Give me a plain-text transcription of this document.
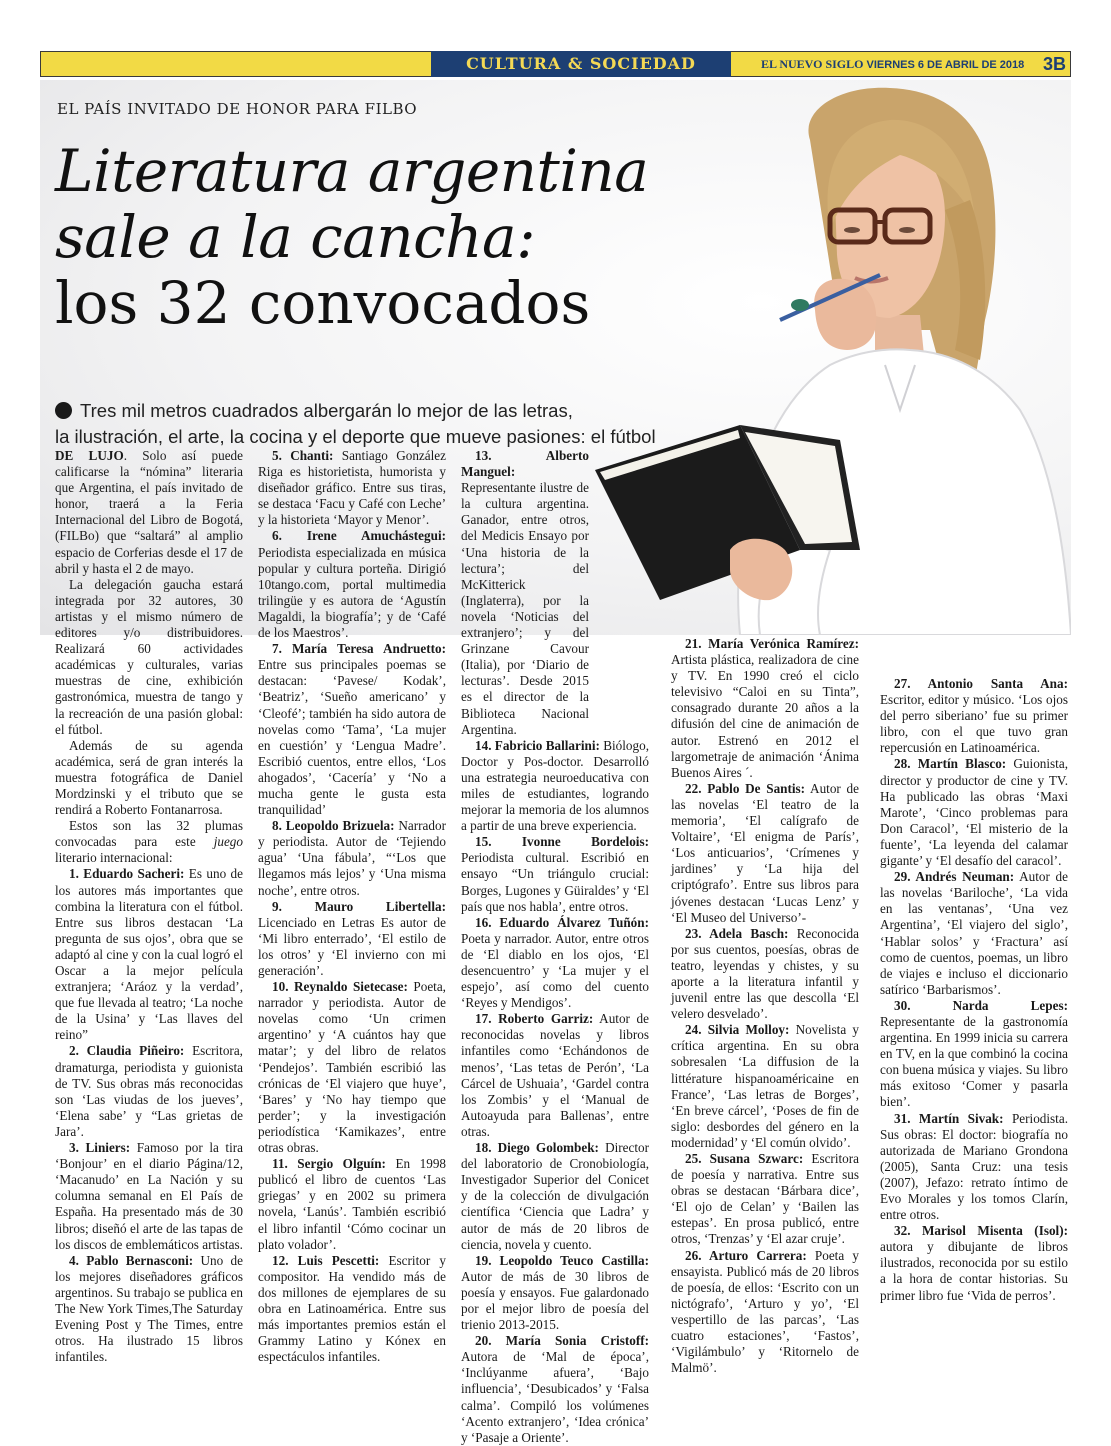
CULTURA & SOCIEDAD	EL NUEVO SIGLO VIERNES 6 DE ABRIL DE 2018 3B
EL PAÍS INVITADO DE HONOR PARA FILBO
Literatura argentina
sale a la cancha:
los 32 convocados
Tres mil metros cuadrados albergarán lo mejor de las letras,
la ilustración, el arte, la cocina y el deporte que mueve pasiones: el fútbol

DE LUJO. Solo así puede calificarse la “nómina” literaria que Argentina, el país invitado de honor, traerá a la Feria Internacional del Libro de Bogotá, (FILBo) que “saltará” al amplio espacio de Corferias desde el 17 de abril y hasta el 2 de mayo.

La delegación gaucha estará integrada por 32 autores, 30 artistas y el mismo número de editores y/o distribuidores. Realizará 60 actividades académicas y culturales, varias muestras de cine, exhibición gastronómica, muestra de tango y la recreación de una pasión global: el fútbol.

Además de su agenda académica, será de gran interés la muestra fotográfica de Daniel Mordzinski y el tributo que se rendirá a Roberto Fontanarrosa.

Estos son las 32 plumas convocadas para este juego literario internacional:

1. Eduardo Sacheri: Es uno de los autores más importantes que combina la literatura con el fútbol. Entre sus libros destacan ‘La pregunta de sus ojos’, obra que se adaptó al cine y con la cual logró el Oscar a la mejor película extranjera; ‘Aráoz y la verdad’, que fue llevada al teatro; ‘La noche de la Usina’ y ‘Las llaves del reino”

2. Claudia Piñeiro: Escritora, dramaturga, periodista y guionista de TV. Sus obras más reconocidas son ‘Las viudas de los jueves’, ‘Elena sabe’ y “Las grietas de Jara’.

3. Liniers: Famoso por la tira ‘Bonjour’ en el diario Página/12, ‘Macanudo’ en La Nación y su columna semanal en El País de España. Ha presentado más de 30 libros; diseñó el arte de las tapas de los discos de emblemáticos artistas.

4. Pablo Bernasconi: Uno de los mejores diseñadores gráficos argentinos. Su trabajo se publica en The New York Times,The Saturday Evening Post y The Times, entre otros. Ha ilustrado 15 libros infantiles.

5. Chanti: Santiago González Riga es historietista, humorista y diseñador gráfico. Entre sus tiras, se destaca ‘Facu y Café con Leche’ y la historieta ‘Mayor y Menor’.

6. Irene Amuchástegui: Periodista especializada en música popular y cultura porteña. Dirigió 10tango.com, portal multimedia trilingüe y es autora de ‘Agustín Magaldi, la biografía’; y de ‘Café de los Maestros’.

7. María Teresa Andruetto: Entre sus principales poemas se destacan: ‘Pavese/ Kodak’, ‘Beatriz’, ‘Sueño americano’ y ‘Cleofé’; también ha sido autora de novelas como ‘Tama’, ‘La mujer en cuestión’ y ‘Lengua Madre’. Escribió cuentos, entre ellos, ‘Los ahogados’, ‘Cacería’ y ‘No a mucha gente le gusta esta tranquilidad’

8. Leopoldo Brizuela: Narrador y periodista. Autor de ‘Tejiendo agua’ ‘Una fábula’, “‘Los que llegamos más lejos’ y ‘Una misma noche’, entre otros.

9. Mauro Libertella: Licenciado en Letras Es autor de ‘Mi libro enterrado’, ‘El estilo de los otros’ y ‘El invierno con mi generación’.

10. Reynaldo Sietecase: Poeta, narrador y periodista. Autor de novelas como ‘Un crimen argentino’ y ‘A cuántos hay que matar’; y del libro de relatos ‘Pendejos’. También escribió las crónicas de ‘El viajero que huye’, ‘Bares’ y ‘No hay tiempo que perder’; y la investigación periodística ‘Kamikazes’, entre otras obras.

11. Sergio Olguín: En 1998 publicó el libro de cuentos ‘Las griegas’ y en 2002 su primera novela, ‘Lanús’. También escribió el libro infantil ‘Cómo cocinar un plato volador’.

12. Luis Pescetti: Escritor y compositor. Ha vendido más de dos millones de ejemplares de su obra en Latinoamérica. Entre sus más importantes premios están el Grammy Latino y Kónex en espectáculos infantiles.

13. Alberto Manguel: Representante ilustre de la cultura argentina. Ganador, entre otros, del Medicis Ensayo por ‘Una historia de la lectura’; del McKitterick (Inglaterra), por la novela ‘Noticias del extranjero’; y del Grinzane Cavour (Italia), por ‘Diario de lecturas’. Desde 2015 es el director de la Biblioteca Nacional Argentina.

14. Fabricio Ballarini: Biólogo, Doctor y Pos-doctor. Desarrolló una estrategia neuroeducativa con miles de estudiantes, logrando mejorar la memoria de los alumnos a partir de una breve experiencia.

15. Ivonne Bordelois: Periodista cultural. Escribió en ensayo “Un triángulo crucial: Borges, Lugones y Güiraldes’ y ‘El país que nos habla’, entre otros.

16. Eduardo Álvarez Tuñón: Poeta y narrador. Autor, entre otros de ‘El diablo en los ojos, ‘El desencuentro’ y ‘La mujer y el espejo’, así como del cuento ‘Reyes y Mendigos’.

17. Roberto Garriz: Autor de reconocidas novelas y libros infantiles como ‘Echándonos de menos’, ‘Las tetas de Perón’, ‘La Cárcel de Ushuaia’, ‘Gardel contra los Zombis’ y el ‘Manual de Autoayuda para Ballenas’, entre otras.

18. Diego Golombek: Director del laboratorio de Cronobiología, Investigador Superior del Conicet y de la colección de divulgación científica ‘Ciencia que Ladra’ y autor de más de 20 libros de ciencia, novela y cuento.

19. Leopoldo Teuco Castilla: Autor de más de 30 libros de poesía y ensayos. Fue galardonado por el mejor libro de poesía del trienio 2013-2015.

20. María Sonia Cristoff: Autora de ‘Mal de época’, ‘Inclúyanme afuera’, ‘Bajo influencia’, ‘Desubicados’ y ‘Falsa calma’. Compiló los volúmenes ‘Acento extranjero’, ‘Idea crónica’ y ‘Pasaje a Oriente’.

21. María Verónica Ramírez: Artista plástica, realizadora de cine y TV. En 1990 creó el ciclo televisivo “Caloi en su Tinta”, consagrado durante 20 años a la difusión del cine de animación de autor. Estrenó en 2012 el largometraje de animación ‘Ánima Buenos Aires ´.

22. Pablo De Santis: Autor de las novelas ‘El teatro de la memoria’, ‘El calígrafo de Voltaire’, ‘El enigma de París’, ‘Los anticuarios’, ‘Crímenes y jardines’ y ‘La hija del criptógrafo’. Entre sus libros para jóvenes destacan ‘Lucas Lenz’ y ‘El Museo del Universo’-

23. Adela Basch: Reconocida por sus cuentos, poesías, obras de teatro, leyendas y chistes, y su aporte a la literatura infantil y juvenil entre las que descolla ‘El velero desvelado’.

24. Silvia Molloy: Novelista y crítica argentina. En su obra sobresalen ‘La diffusion de la littérature hispanoaméricaine en France’, ‘Las letras de Borges’, ‘En breve cárcel’, ‘Poses de fin de siglo: desbordes del género en la modernidad’ y ‘El común olvido’.

25. Susana Szwarc: Escritora de poesía y narrativa. Entre sus obras se destacan ‘Bárbara dice’, ‘El ojo de Celan’ y ‘Bailen las estepas’. En prosa publicó, entre otros, ‘Trenzas’ y ‘El azar cruje’.

26. Arturo Carrera: Poeta y ensayista. Publicó más de 20 libros de poesía, de ellos: ‘Escrito con un nictógrafo’, ‘Arturo y yo’, ‘El vespertillo de las parcas’, ‘Las cuatro estaciones’, ‘Fastos’, ‘Vigilámbulo’ y ‘Ritornelo de Malmö’.

27. Antonio Santa Ana: Escritor, editor y músico. ‘Los ojos del perro siberiano’ fue su primer libro, con el que tuvo gran repercusión en Latinoamérica.

28. Martín Blasco: Guionista, director y productor de cine y TV. Ha publicado las obras ‘Maxi Marote’, ‘Cinco problemas para Don Caracol’, ‘El misterio de la fuente’, ‘La leyenda del calamar gigante’ y ‘El desafío del caracol’.

29. Andrés Neuman: Autor de las novelas ‘Bariloche’, ‘La vida en las ventanas’, ‘Una vez Argentina’, ‘El viajero del siglo’, ‘Hablar solos’ y ‘Fractura’ así como de cuentos, poemas, un libro de viajes e incluso el diccionario satírico ‘Barbarismos’.

30. Narda Lepes: Representante de la gastronomía argentina. En 1999 inicia su carrera en TV, en la que combinó la cocina con buena música y viajes. Su libro más exitoso ‘Comer y pasarla bien’.

31. Martín Sivak: Periodista. Sus obras: El doctor: biografía no autorizada de Mariano Grondona (2005), Santa Cruz: una tesis (2007), Jefazo: retrato íntimo de Evo Morales y los tomos Clarín, entre otros.

32. Marisol Misenta (Isol): autora y dibujante de libros ilustrados, reconocida por su estilo a la hora de contar historias. Su primer libro fue ‘Vida de perros’.
